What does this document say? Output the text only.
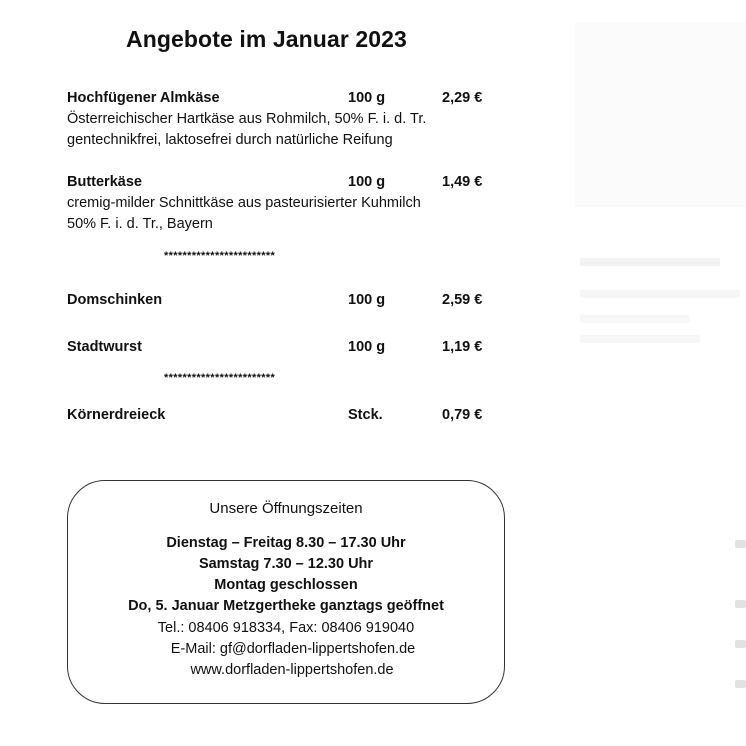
Angebote im Januar 2023
Hochfügener Almkäse	100 g	2,29 €
Österreichischer Hartkäse aus Rohmilch, 50% F. i. d. Tr.
gentechnikfrei, laktosefrei durch natürliche Reifung
Butterkäse	100 g	1,49 €
cremig-milder Schnittkäse aus pasteurisierter Kuhmilch
50% F. i. d. Tr., Bayern
************************
Domschinken	100 g	2,59 €
Stadtwurst	100 g	1,19 €
************************
Körnerdreieck	Stck.	0,79 €
Unsere Öffnungszeiten
Dienstag – Freitag 8.30 – 17.30 Uhr
Samstag 7.30 – 12.30 Uhr
Montag geschlossen
Do, 5. Januar Metzgertheke ganztags geöffnet
Tel.: 08406 918334, Fax: 08406 919040
E-Mail: gf@dorfladen-lippertshofen.de
www.dorfladen-lippertshofen.de
